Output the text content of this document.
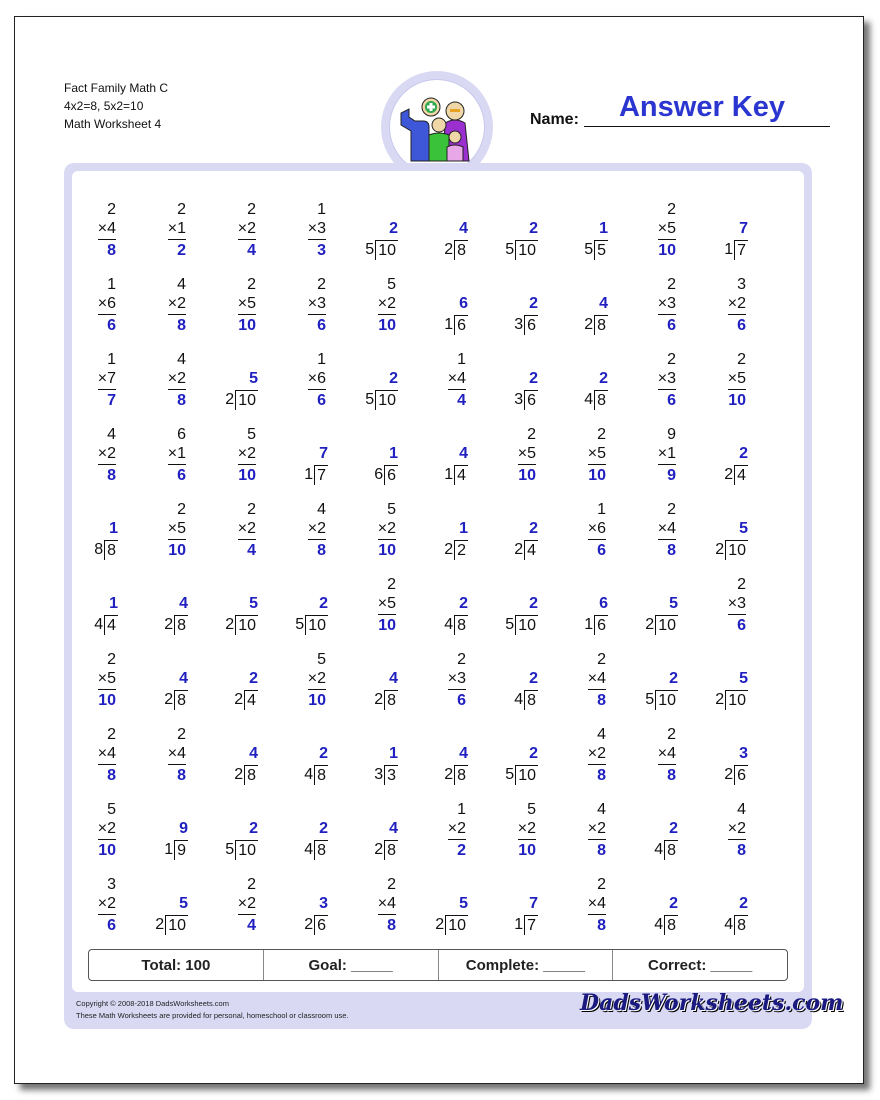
Fact Family Math C
4x2=8, 5x2=10
Math Worksheet 4	Name:	Answer Key
2
×4
8
2
×1
2
2
×2
4
1
×3
3
2
5 10
4
2 8
2
5 10
1
5 5
2
×5
10
7
1 7
1
×6
6
4
×2
8
2
×5
10
2
×3
6
5
×2
10
6
1 6
2
3 6
4
2 8
2
×3
6
3
×2
6
1
×7
7
4
×2
8
5
2 10
1
×6
6
2
5 10
1
×4
4
2
3 6
2
4 8
2
×3
6
2
×5
10
4
×2
8
6
×1
6
5
×2
10
7
1 7
1
6 6
4
1 4
2
×5
10
2
×5
10
9
×1
9
2
2 4
1
8 8
2
×5
10
2
×2
4
4
×2
8
5
×2
10
1
2 2
2
2 4
1
×6
6
2
×4
8
5
2 10
1
4 4
4
2 8
5
2 10
2
5 10
2
×5
10
2
4 8
2
5 10
6
1 6
5
2 10
2
×3
6
2
×5
10
4
2 8
2
2 4
5
×2
10
4
2 8
2
×3
6
2
4 8
2
×4
8
2
5 10
5
2 10
2
×4
8
2
×4
8
4
2 8
2
4 8
1
3 3
4
2 8
2
5 10
4
×2
8
2
×4
8
3
2 6
5
×2
10
9
1 9
2
5 10
2
4 8
4
2 8
1
×2
2
5
×2
10
4
×2
8
2
4 8
4
×2
8
3
×2
6
5
2 10
2
×2
4
3
2 6
2
×4
8
5
2 10
7
1 7
2
×4
8
2
4 8
2
4 8
Total: 100	Goal: _____	Complete: _____	Correct: _____
Copyright © 2008-2018 DadsWorksheets.com
These Math Worksheets are provided for personal, homeschool or classroom use.	DadsWorksheets.com
